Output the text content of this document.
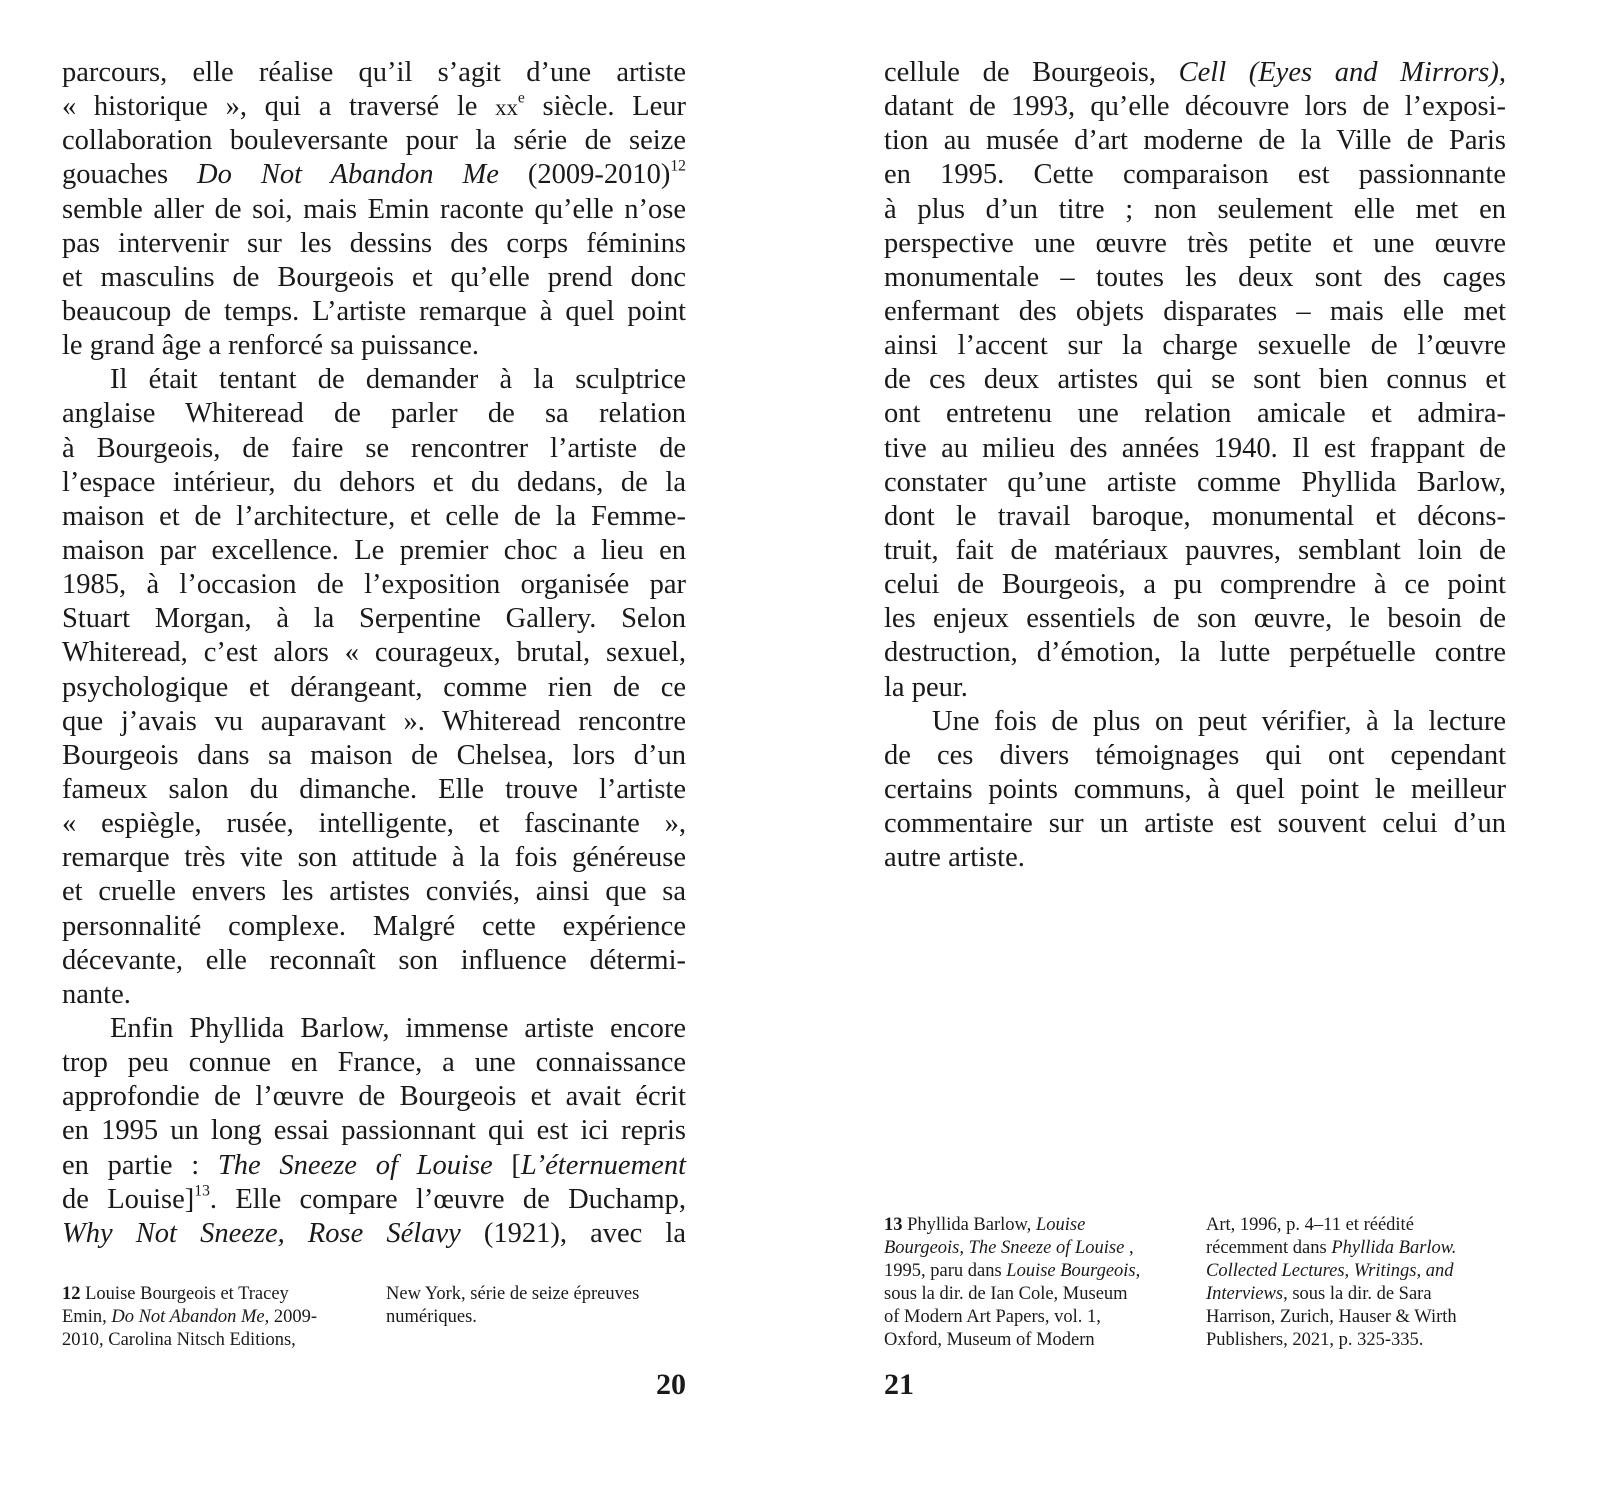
parcours, elle réalise qu’il s’agit d’une artiste
« historique », qui a traversé le $xx^e$ siècle. Leur
collaboration bouleversante pour la série de seize
gouaches Do Not Abandon Me (2009-2010)$^{12}$
semble aller de soi, mais Emin raconte qu’elle n’ose
pas intervenir sur les dessins des corps féminins
et masculins de Bourgeois et qu’elle prend donc
beaucoup de temps. L’artiste remarque à quel point
le grand âge a renforcé sa puissance.
Il était tentant de demander à la sculptrice
anglaise Whiteread de parler de sa relation
à Bourgeois, de faire se rencontrer l’artiste de
l’espace intérieur, du dehors et du dedans, de la
maison et de l’architecture, et celle de la Femme-
maison par excellence. Le premier choc a lieu en
1985, à l’occasion de l’exposition organisée par
Stuart Morgan, à la Serpentine Gallery. Selon
Whiteread, c’est alors « courageux, brutal, sexuel,
psychologique et dérangeant, comme rien de ce
que j’avais vu auparavant ». Whiteread rencontre
Bourgeois dans sa maison de Chelsea, lors d’un
fameux salon du dimanche. Elle trouve l’artiste
« espiègle, rusée, intelligente, et fascinante »,
remarque très vite son attitude à la fois généreuse
et cruelle envers les artistes conviés, ainsi que sa
personnalité complexe. Malgré cette expérience
décevante, elle reconnaît son influence détermi-
nante.
Enfin Phyllida Barlow, immense artiste encore
trop peu connue en France, a une connaissance
approfondie de l’œuvre de Bourgeois et avait écrit
en 1995 un long essai passionnant qui est ici repris
en partie : The Sneeze of Louise [L’éternuement
de Louise]$^{13}$. Elle compare l’œuvre de Duchamp,
Why Not Sneeze, Rose Sélavy (1921), avec la
cellule de Bourgeois, Cell (Eyes and Mirrors),
datant de 1993, qu’elle découvre lors de l’exposi-
tion au musée d’art moderne de la Ville de Paris
en 1995. Cette comparaison est passionnante
à plus d’un titre ; non seulement elle met en
perspective une œuvre très petite et une œuvre
monumentale – toutes les deux sont des cages
enfermant des objets disparates – mais elle met
ainsi l’accent sur la charge sexuelle de l’œuvre
de ces deux artistes qui se sont bien connus et
ont entretenu une relation amicale et admira-
tive au milieu des années 1940. Il est frappant de
constater qu’une artiste comme Phyllida Barlow,
dont le travail baroque, monumental et décons-
truit, fait de matériaux pauvres, semblant loin de
celui de Bourgeois, a pu comprendre à ce point
les enjeux essentiels de son œuvre, le besoin de
destruction, d’émotion, la lutte perpétuelle contre
la peur.
Une fois de plus on peut vérifier, à la lecture
de ces divers témoignages qui ont cependant
certains points communs, à quel point le meilleur
commentaire sur un artiste est souvent celui d’un
autre artiste.
12 Louise Bourgeois et Tracey
Emin, Do Not Abandon Me, 2009-
2010, Carolina Nitsch Editions,
New York, série de seize épreuves
numériques.
13 Phyllida Barlow, Louise
Bourgeois, The Sneeze of Louise ,
1995, paru dans Louise Bourgeois,
sous la dir. de Ian Cole, Museum
of Modern Art Papers, vol. 1,
Oxford, Museum of Modern
Art, 1996, p. 4–11 et réédité
récemment dans Phyllida Barlow.
Collected Lectures, Writings, and
Interviews, sous la dir. de Sara
Harrison, Zurich, Hauser & Wirth
Publishers, 2021, p. 325-335.
20	21
